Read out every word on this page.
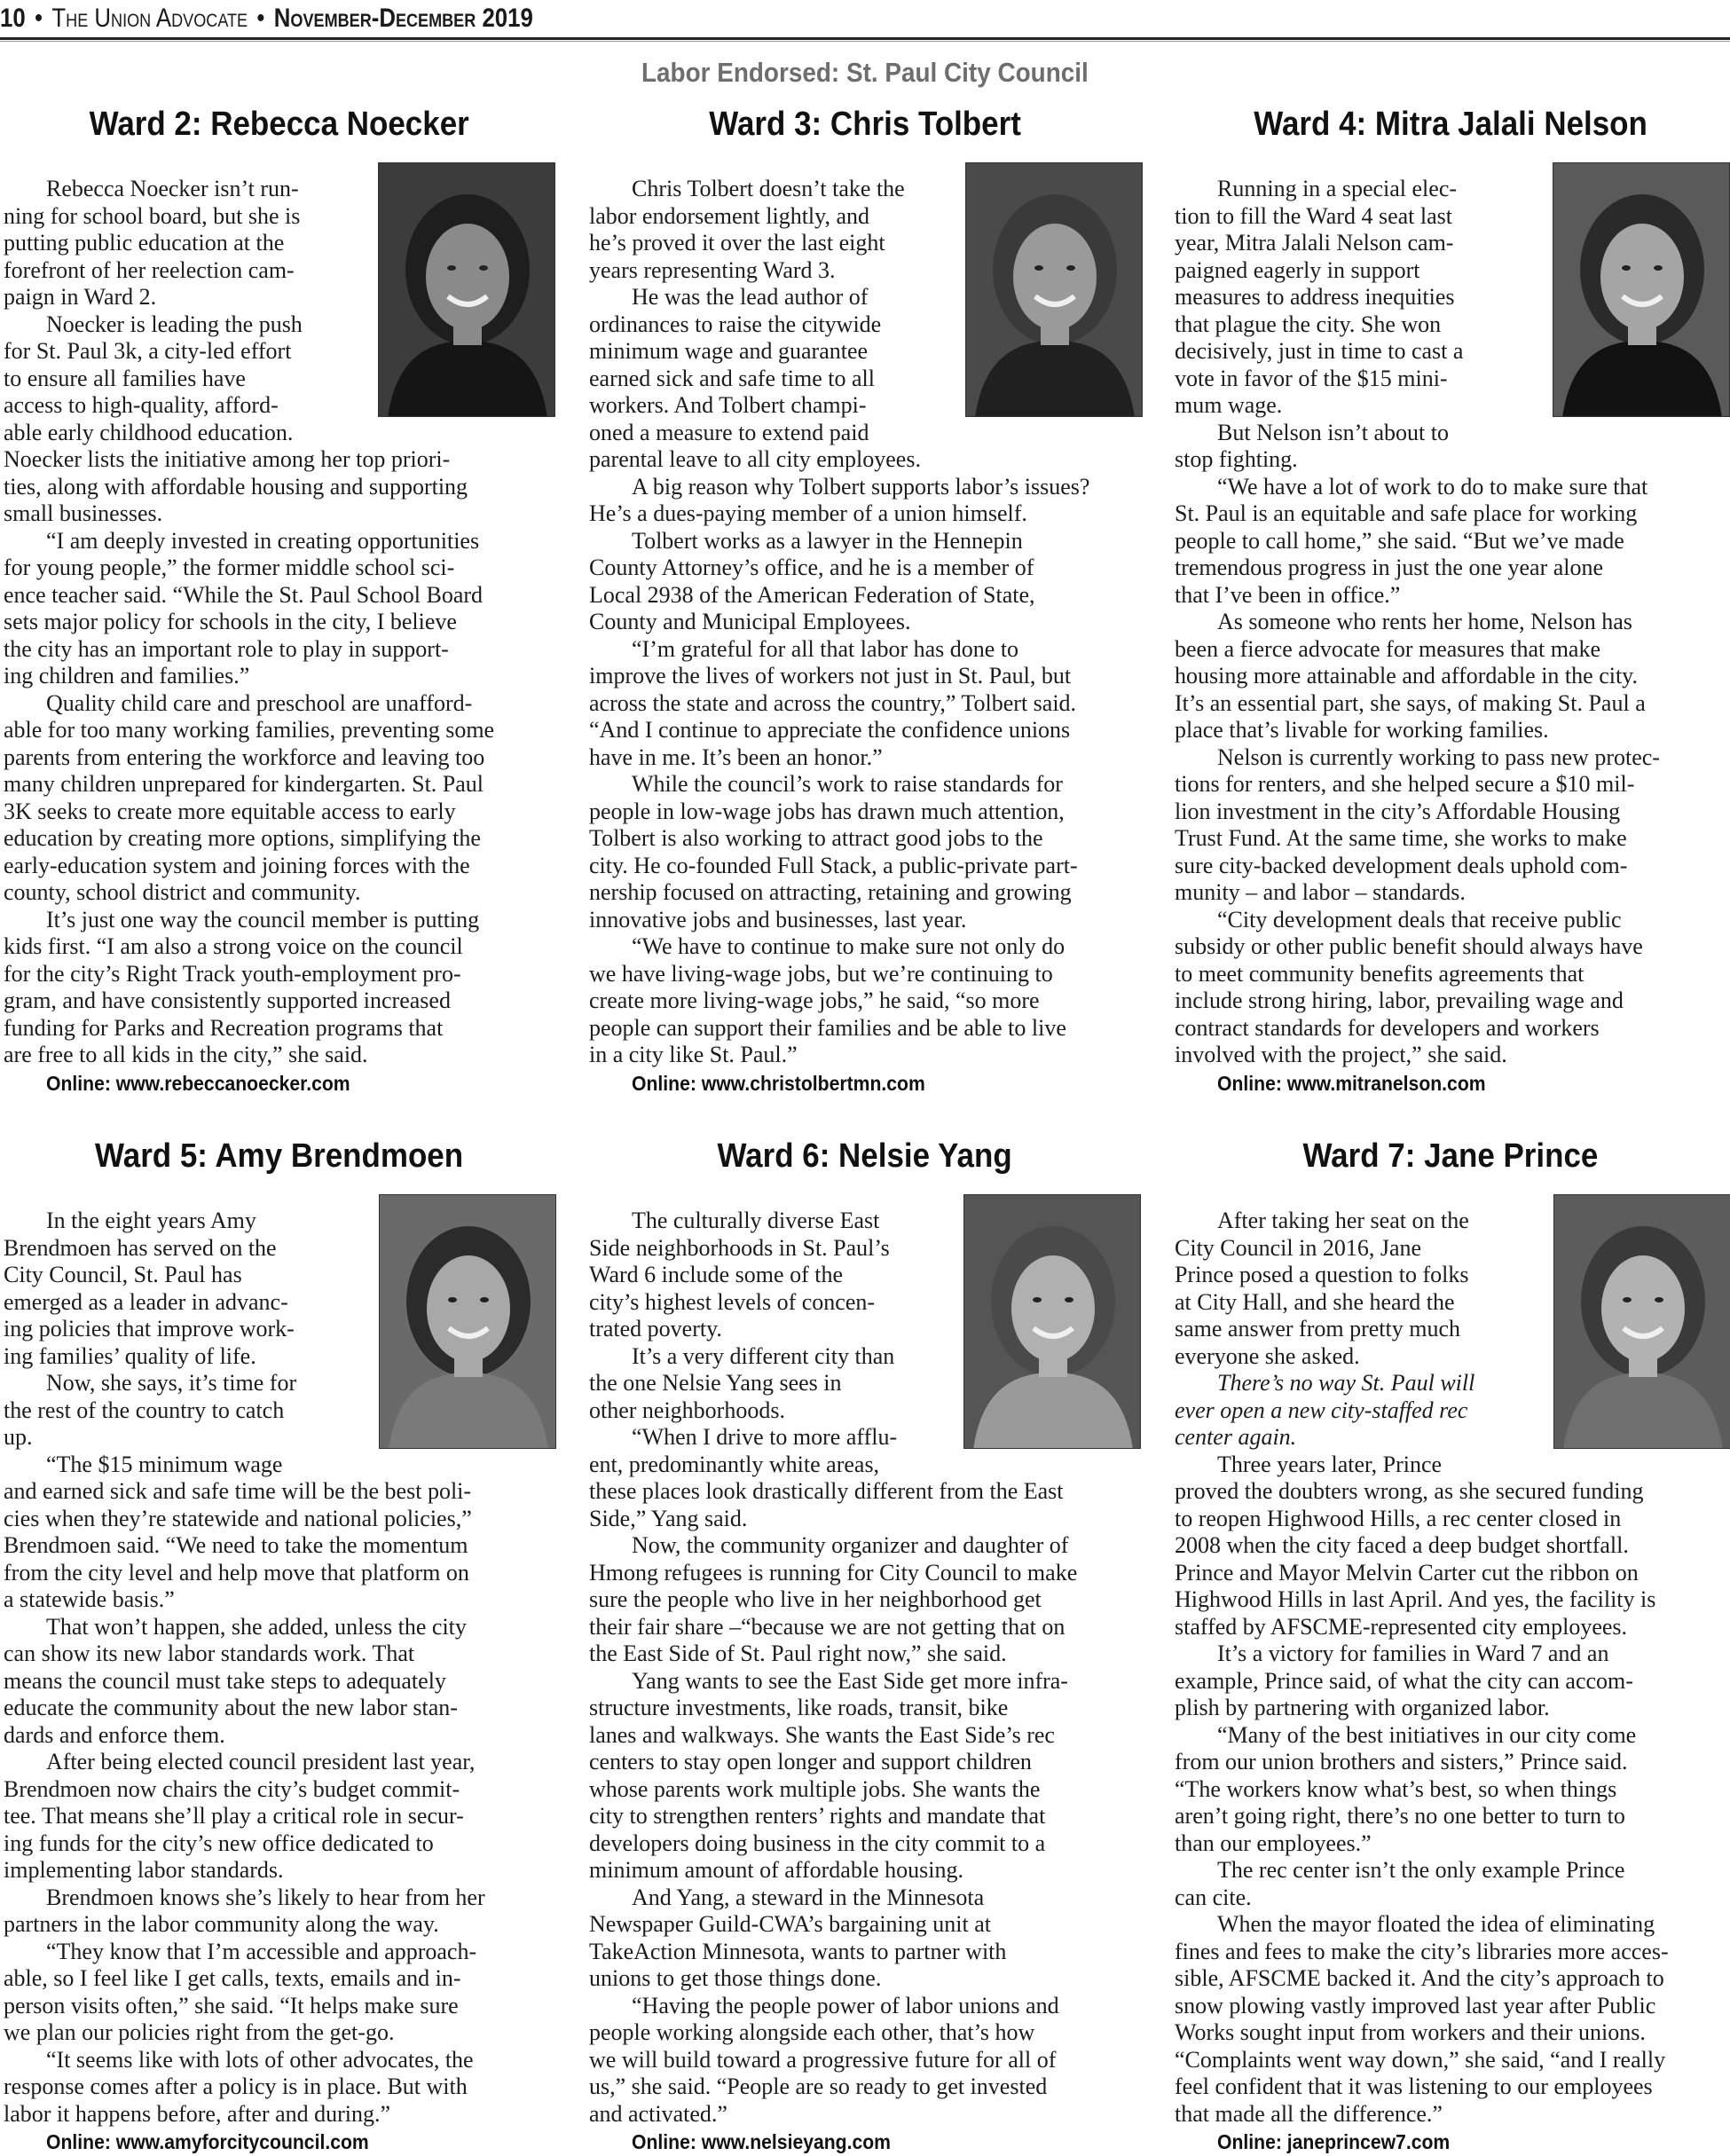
10 • The Union Advocate • November-December 2019
Labor Endorsed: St. Paul City Council
Ward 2: Rebecca Noecker
Rebecca Noecker isn’t run-
ning for school board, but she is
putting public education at the
forefront of her reelection cam-
paign in Ward 2.
Noecker is leading the push
for St. Paul 3k, a city-led effort
to ensure all families have
access to high-quality, afford-
able early childhood education.
Noecker lists the initiative among her top priori-
ties, along with affordable housing and supporting
small businesses.
“I am deeply invested in creating opportunities
for young people,” the former middle school sci-
ence teacher said. “While the St. Paul School Board
sets major policy for schools in the city, I believe
the city has an important role to play in support-
ing children and families.”
Quality child care and preschool are unafford-
able for too many working families, preventing some
parents from entering the workforce and leaving too
many children unprepared for kindergarten. St. Paul
3K seeks to create more equitable access to early
education by creating more options, simplifying the
early-education system and joining forces with the
county, school district and community.
It’s just one way the council member is putting
kids first. “I am also a strong voice on the council
for the city’s Right Track youth-employment pro-
gram, and have consistently supported increased
funding for Parks and Recreation programs that
are free to all kids in the city,” she said.
Online: www.rebeccanoecker.com
Ward 3: Chris Tolbert
Chris Tolbert doesn’t take the
labor endorsement lightly, and
he’s proved it over the last eight
years representing Ward 3.
He was the lead author of
ordinances to raise the citywide
minimum wage and guarantee
earned sick and safe time to all
workers. And Tolbert champi-
oned a measure to extend paid
parental leave to all city employees.
A big reason why Tolbert supports labor’s issues?
He’s a dues-paying member of a union himself.
Tolbert works as a lawyer in the Hennepin
County Attorney’s office, and he is a member of
Local 2938 of the American Federation of State,
County and Municipal Employees.
“I’m grateful for all that labor has done to
improve the lives of workers not just in St. Paul, but
across the state and across the country,” Tolbert said.
“And I continue to appreciate the confidence unions
have in me. It’s been an honor.”
While the council’s work to raise standards for
people in low-wage jobs has drawn much attention,
Tolbert is also working to attract good jobs to the
city. He co-founded Full Stack, a public-private part-
nership focused on attracting, retaining and growing
innovative jobs and businesses, last year.
“We have to continue to make sure not only do
we have living-wage jobs, but we’re continuing to
create more living-wage jobs,” he said, “so more
people can support their families and be able to live
in a city like St. Paul.”
Online: www.christolbertmn.com
Ward 4: Mitra Jalali Nelson
Running in a special elec-
tion to fill the Ward 4 seat last
year, Mitra Jalali Nelson cam-
paigned eagerly in support
measures to address inequities
that plague the city. She won
decisively, just in time to cast a
vote in favor of the $15 mini-
mum wage.
But Nelson isn’t about to
stop fighting.
“We have a lot of work to do to make sure that
St. Paul is an equitable and safe place for working
people to call home,” she said. “But we’ve made
tremendous progress in just the one year alone
that I’ve been in office.”
As someone who rents her home, Nelson has
been a fierce advocate for measures that make
housing more attainable and affordable in the city.
It’s an essential part, she says, of making St. Paul a
place that’s livable for working families.
Nelson is currently working to pass new protec-
tions for renters, and she helped secure a $10 mil-
lion investment in the city’s Affordable Housing
Trust Fund. At the same time, she works to make
sure city-backed development deals uphold com-
munity – and labor – standards.
“City development deals that receive public
subsidy or other public benefit should always have
to meet community benefits agreements that
include strong hiring, labor, prevailing wage and
contract standards for developers and workers
involved with the project,” she said.
Online: www.mitranelson.com
Ward 5: Amy Brendmoen
In the eight years Amy
Brendmoen has served on the
City Council, St. Paul has
emerged as a leader in advanc-
ing policies that improve work-
ing families’ quality of life.
Now, she says, it’s time for
the rest of the country to catch
up.
“The $15 minimum wage
and earned sick and safe time will be the best poli-
cies when they’re statewide and national policies,”
Brendmoen said. “We need to take the momentum
from the city level and help move that platform on
a statewide basis.”
That won’t happen, she added, unless the city
can show its new labor standards work. That
means the council must take steps to adequately
educate the community about the new labor stan-
dards and enforce them.
After being elected council president last year,
Brendmoen now chairs the city’s budget commit-
tee. That means she’ll play a critical role in secur-
ing funds for the city’s new office dedicated to
implementing labor standards.
Brendmoen knows she’s likely to hear from her
partners in the labor community along the way.
“They know that I’m accessible and approach-
able, so I feel like I get calls, texts, emails and in-
person visits often,” she said. “It helps make sure
we plan our policies right from the get-go.
“It seems like with lots of other advocates, the
response comes after a policy is in place. But with
labor it happens before, after and during.”
Online: www.amyforcitycouncil.com
Ward 6: Nelsie Yang
The culturally diverse East
Side neighborhoods in St. Paul’s
Ward 6 include some of the
city’s highest levels of concen-
trated poverty.
It’s a very different city than
the one Nelsie Yang sees in
other neighborhoods.
“When I drive to more afflu-
ent, predominantly white areas,
these places look drastically different from the East
Side,” Yang said.
Now, the community organizer and daughter of
Hmong refugees is running for City Council to make
sure the people who live in her neighborhood get
their fair share –“because we are not getting that on
the East Side of St. Paul right now,” she said.
Yang wants to see the East Side get more infra-
structure investments, like roads, transit, bike
lanes and walkways. She wants the East Side’s rec
centers to stay open longer and support children
whose parents work multiple jobs. She wants the
city to strengthen renters’ rights and mandate that
developers doing business in the city commit to a
minimum amount of affordable housing.
And Yang, a steward in the Minnesota
Newspaper Guild-CWA’s bargaining unit at
TakeAction Minnesota, wants to partner with
unions to get those things done.
“Having the people power of labor unions and
people working alongside each other, that’s how
we will build toward a progressive future for all of
us,” she said. “People are so ready to get invested
and activated.”
Online: www.nelsieyang.com
Ward 7: Jane Prince
After taking her seat on the
City Council in 2016, Jane
Prince posed a question to folks
at City Hall, and she heard the
same answer from pretty much
everyone she asked.
There’s no way St. Paul will
ever open a new city-staffed rec
center again.
Three years later, Prince
proved the doubters wrong, as she secured funding
to reopen Highwood Hills, a rec center closed in
2008 when the city faced a deep budget shortfall.
Prince and Mayor Melvin Carter cut the ribbon on
Highwood Hills in last April. And yes, the facility is
staffed by AFSCME-represented city employees.
It’s a victory for families in Ward 7 and an
example, Prince said, of what the city can accom-
plish by partnering with organized labor.
“Many of the best initiatives in our city come
from our union brothers and sisters,” Prince said.
“The workers know what’s best, so when things
aren’t going right, there’s no one better to turn to
than our employees.”
The rec center isn’t the only example Prince
can cite.
When the mayor floated the idea of eliminating
fines and fees to make the city’s libraries more acces-
sible, AFSCME backed it. And the city’s approach to
snow plowing vastly improved last year after Public
Works sought input from workers and their unions.
“Complaints went way down,” she said, “and I really
feel confident that it was listening to our employees
that made all the difference.”
Online: janeprincew7.com
